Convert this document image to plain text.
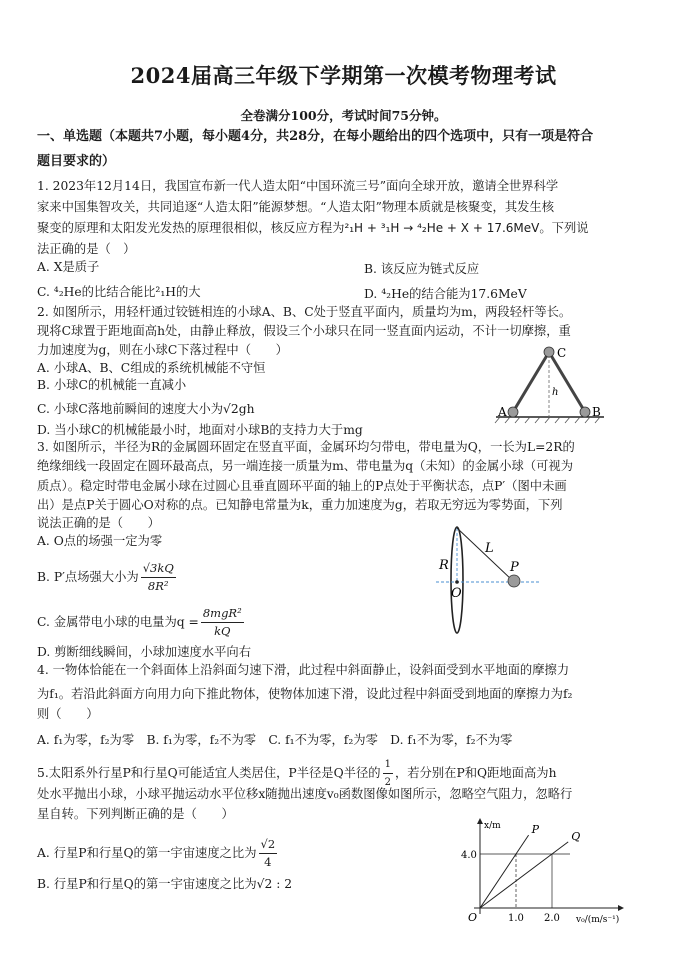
2024届高三年级下学期第一次模考物理考试
全卷满分100分，考试时间75分钟。
一、单选题（本题共7小题，每小题4分，共28分，在每小题给出的四个选项中，只有一项是符合
题目要求的）
1. 2023年12月14日，我国宣布新一代人造太阳“中国环流三号”面向全球开放，邀请全世界科学
家来中国集智攻关，共同追逐“人造太阳”能源梦想。“人造太阳”物理本质就是核聚变，其发生核
聚变的原理和太阳发光发热的原理很相似，核反应方程为²₁H + ³₁H → ⁴₂He + X + 17.6MeV。下列说
法正确的是（　）
A. X是质子	B. 该反应为链式反应
C. ⁴₂He的比结合能比²₁H的大	D. ⁴₂He的结合能为17.6MeV
2. 如图所示，用轻杆通过铰链相连的小球A、B、C处于竖直平面内，质量均为m，两段轻杆等长。
现将C球置于距地面高h处，由静止释放，假设三个小球只在同一竖直面内运动，不计一切摩擦，重
力加速度为g，则在小球C下落过程中（　　）
A. 小球A、B、C组成的系统机械能不守恒
B. 小球C的机械能一直减小
C. 小球C落地前瞬间的速度大小为√2gh
D. 当小球C的机械能最小时，地面对小球B的支持力大于mg
C
A	B
h
3. 如图所示，半径为R的金属圆环固定在竖直平面，金属环均匀带电，带电量为Q，一长为L=2R的
绝缘细线一段固定在圆环最高点，另一端连接一质量为m、带电量为q（未知）的金属小球（可视为
质点）。稳定时带电金属小球在过圆心且垂直圆环平面的轴上的P点处于平衡状态，点P′（图中未画
出）是点P关于圆心O对称的点。已知静电常量为k，重力加速度为g，若取无穷远为零势面，下列
说法正确的是（　　）
A. O点的场强一定为零
B. P′点场强大小为 $\frac{√3kQ}{\text{8R²}}$
C. 金属带电小球的电量为$q = \frac{\text{8mgR²}}{kQ}$
D. 剪断细线瞬间，小球加速度水平向右
R
L
P
O
4. 一物体恰能在一个斜面体上沿斜面匀速下滑，此过程中斜面静止，设斜面受到水平地面的摩擦力
为f₁。若沿此斜面方向用力向下推此物体，使物体加速下滑，设此过程中斜面受到地面的摩擦力为f₂
则（　　）
A. f₁为零，f₂为零　B. f₁为零，f₂不为零　C. f₁不为零，f₂为零　D. f₁不为零，f₂不为零
5.太阳系外行星P和行星Q可能适宜人类居住，P半径是Q半径的 $\frac{1}{2}$ ，若分别在P和Q距地面高为h
处水平抛出小球，小球平抛运动水平位移x随抛出速度v₀函数图像如图所示，忽略空气阻力，忽略行
星自转。下列判断正确的是（　　）
A. 行星P和行星Q的第一宇宙速度之比为 $\frac{√2}{4}$
B. 行星P和行星Q的第一宇宙速度之比为√2 : 2
P
Q
1.0 2.0
4.0
O	v₀/(m/s⁻¹)
x/m
